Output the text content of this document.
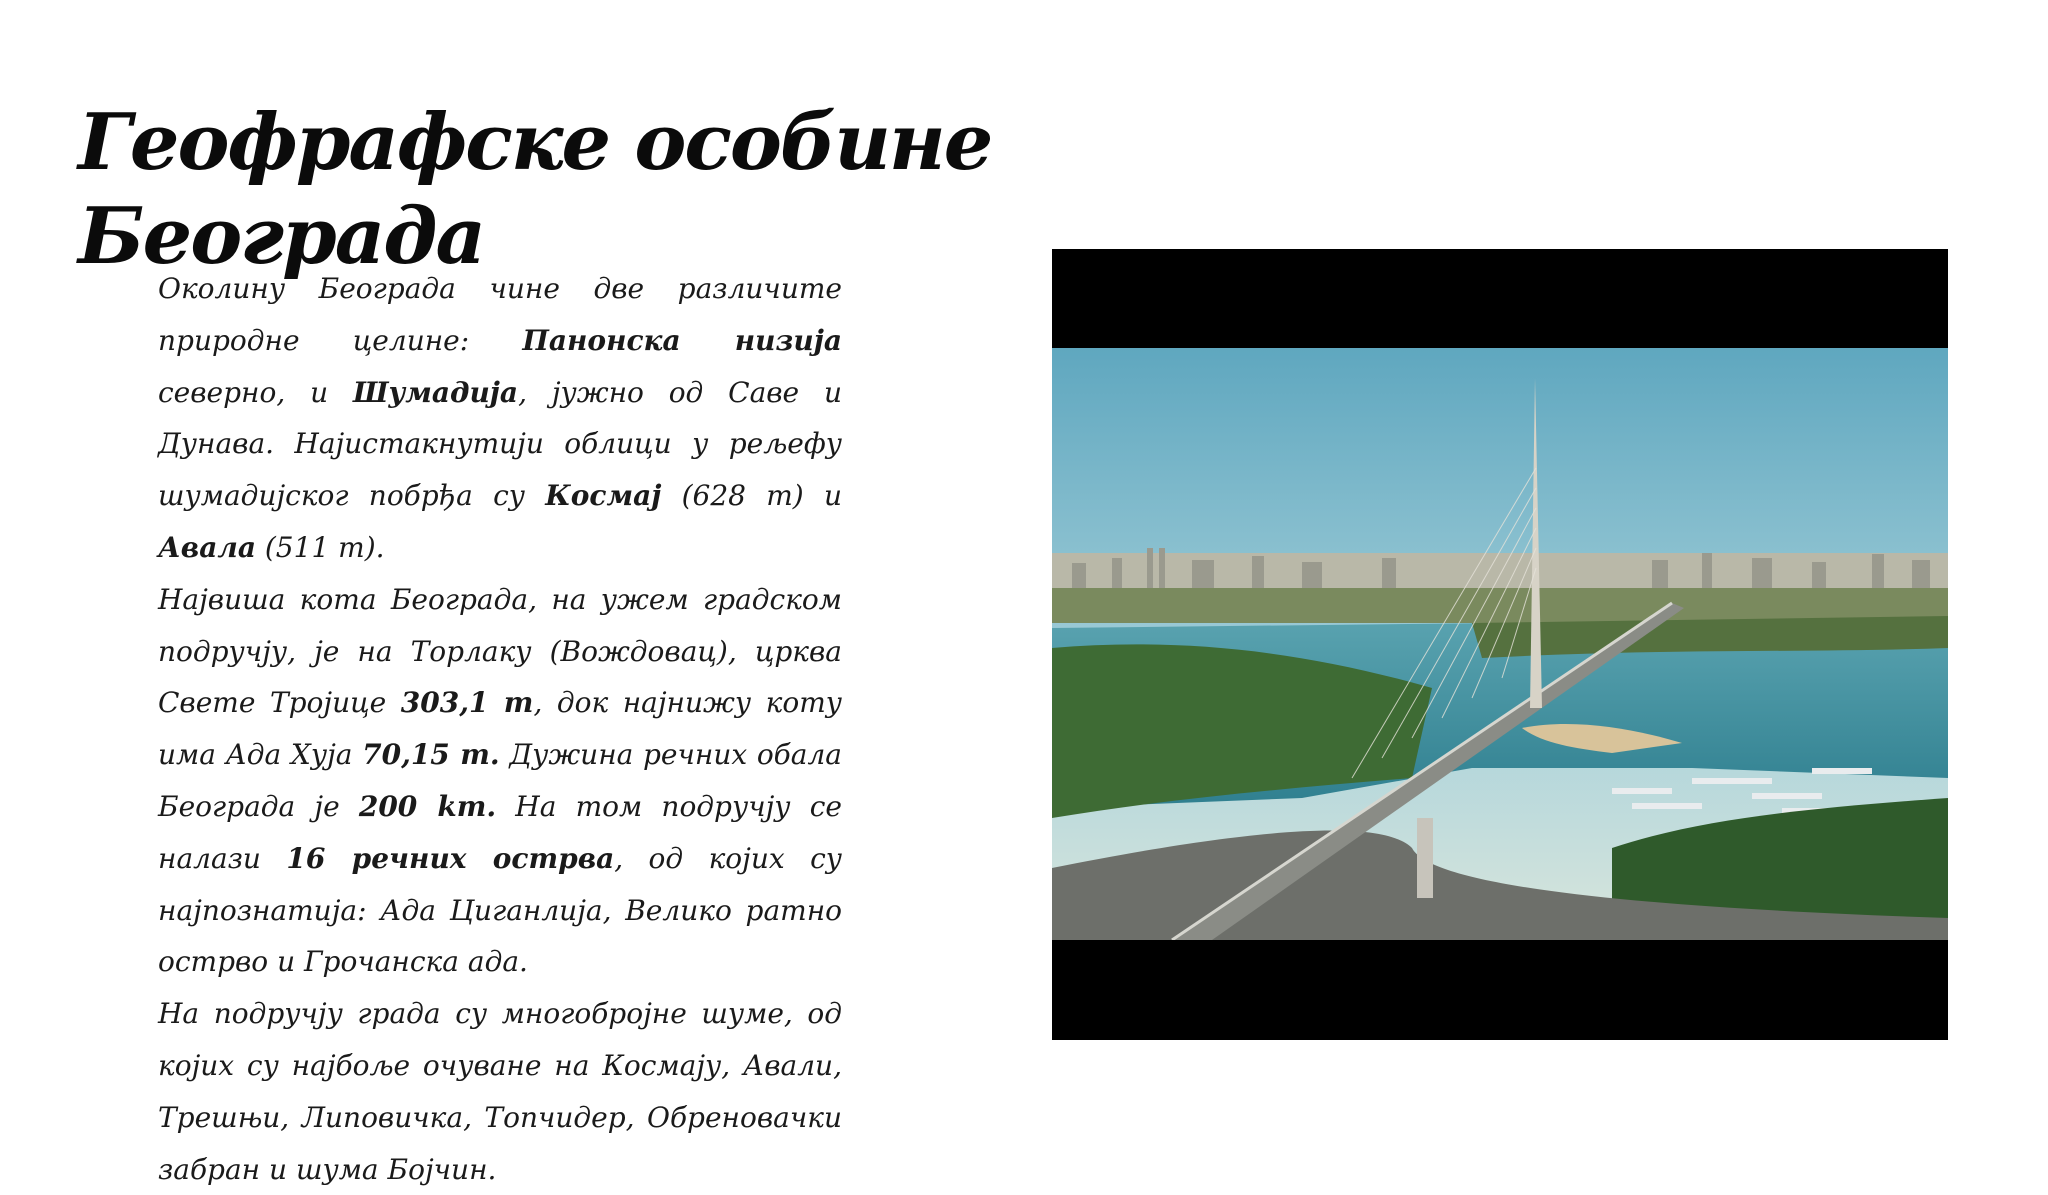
Геофрафске особине Београда

Околину Београда чине две различите природне целине: Панонска низија северно, и Шумадија, јужно од Саве и Дунава. Најистакнутији облици у рељефу шумадијског побрђа су Космај (628 m) и Авала (511 m).

Највиша кота Београда, на ужем градском подручју, је на Торлаку (Вождовац), црква Свете Тројице 303,1 m, док најнижу коту има Ада Хуја 70,15 m. Дужина речних обала Београда је 200 km. На том подручју се налази 16 речних острва, од којих су најпознатија: Ада Циганлија, Велико ратно острво и Грочанска ада.

На подручју града су многобројне шуме, од којих су најбоље очуване на Космају, Авали, Трешњи, Липовичка, Топчидер, Обреновачки забран и шума Бојчин.
